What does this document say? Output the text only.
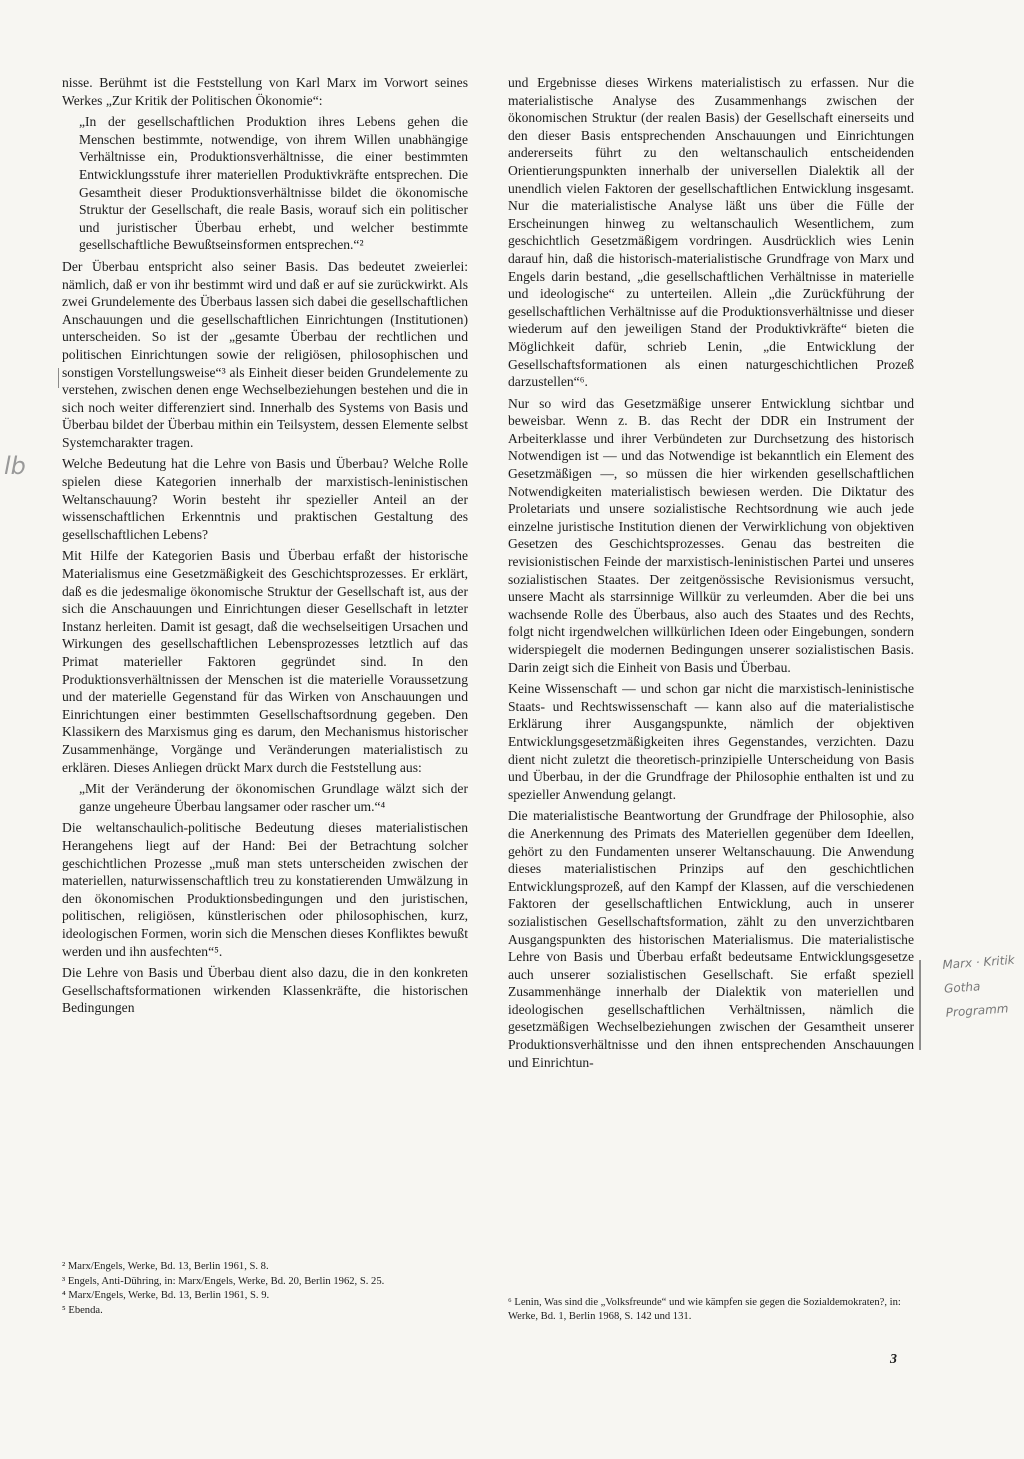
nisse. Berühmt ist die Feststellung von Karl Marx im Vorwort seines Werkes „Zur Kritik der Politischen Ökonomie“:

„In der gesellschaftlichen Produktion ihres Lebens gehen die Menschen bestimmte, notwendige, von ihrem Willen unabhängige Verhältnisse ein, Produktionsverhältnisse, die einer bestimmten Entwicklungsstufe ihrer materiellen Produktivkräfte entsprechen. Die Gesamtheit dieser Produktionsverhältnisse bildet die ökonomische Struktur der Gesellschaft, die reale Basis, worauf sich ein politischer und juristischer Überbau erhebt, und welcher bestimmte gesellschaftliche Bewußtseinsformen entsprechen.“²

Der Überbau entspricht also seiner Basis. Das bedeutet zweierlei: nämlich, daß er von ihr bestimmt wird und daß er auf sie zurückwirkt. Als zwei Grundelemente des Überbaus lassen sich dabei die gesellschaftlichen Anschauungen und die gesellschaftlichen Einrichtungen (Institutionen) unterscheiden. So ist der „gesamte Überbau der rechtlichen und politischen Einrichtungen sowie der religiösen, philosophischen und sonstigen Vorstellungsweise“³ als Einheit dieser beiden Grundelemente zu verstehen, zwischen denen enge Wechselbeziehungen bestehen und die in sich noch weiter differenziert sind. Innerhalb des Systems von Basis und Überbau bildet der Überbau mithin ein Teilsystem, dessen Elemente selbst Systemcharakter tragen.

Welche Bedeutung hat die Lehre von Basis und Überbau? Welche Rolle spielen diese Kategorien innerhalb der marxistisch-leninistischen Weltanschauung? Worin besteht ihr spezieller Anteil an der wissenschaftlichen Erkenntnis und praktischen Gestaltung des gesellschaftlichen Lebens?

Mit Hilfe der Kategorien Basis und Überbau erfaßt der historische Materialismus eine Gesetzmäßigkeit des Geschichtsprozesses. Er erklärt, daß es die jedesmalige ökonomische Struktur der Gesellschaft ist, aus der sich die Anschauungen und Einrichtungen dieser Gesellschaft in letzter Instanz herleiten. Damit ist gesagt, daß die wechselseitigen Ursachen und Wirkungen des gesellschaftlichen Lebensprozesses letztlich auf das Primat materieller Faktoren gegründet sind. In den Produktionsverhältnissen der Menschen ist die materielle Voraussetzung und der materielle Gegenstand für das Wirken von Anschauungen und Einrichtungen einer bestimmten Gesellschaftsordnung gegeben. Den Klassikern des Marxismus ging es darum, den Mechanismus historischer Zusammenhänge, Vorgänge und Veränderungen materialistisch zu erklären. Dieses Anliegen drückt Marx durch die Feststellung aus:

„Mit der Veränderung der ökonomischen Grundlage wälzt sich der ganze ungeheure Überbau langsamer oder rascher um.“⁴

Die weltanschaulich-politische Bedeutung dieses materialistischen Herangehens liegt auf der Hand: Bei der Betrachtung solcher geschichtlichen Prozesse „muß man stets unterscheiden zwischen der materiellen, naturwissenschaftlich treu zu konstatierenden Umwälzung in den ökonomischen Produktionsbedingungen und den juristischen, politischen, religiösen, künstlerischen oder philosophischen, kurz, ideologischen Formen, worin sich die Menschen dieses Konfliktes bewußt werden und ihn ausfechten“⁵.

Die Lehre von Basis und Überbau dient also dazu, die in den konkreten Gesellschaftsformationen wirkenden Klassenkräfte, die historischen Bedingungen

und Ergebnisse dieses Wirkens materialistisch zu erfassen. Nur die materialistische Analyse des Zusammenhangs zwischen der ökonomischen Struktur (der realen Basis) der Gesellschaft einerseits und den dieser Basis entsprechenden Anschauungen und Einrichtungen andererseits führt zu den weltanschaulich entscheidenden Orientierungspunkten innerhalb der universellen Dialektik all der unendlich vielen Faktoren der gesellschaftlichen Entwicklung insgesamt. Nur die materialistische Analyse läßt uns über die Fülle der Erscheinungen hinweg zu weltanschaulich Wesentlichem, zum geschichtlich Gesetzmäßigem vordringen. Ausdrücklich wies Lenin darauf hin, daß die historisch-materialistische Grundfrage von Marx und Engels darin bestand, „die gesellschaftlichen Verhältnisse in materielle und ideologische“ zu unterteilen. Allein „die Zurückführung der gesellschaftlichen Verhältnisse auf die Produktionsverhältnisse und dieser wiederum auf den jeweiligen Stand der Produktivkräfte“ bieten die Möglichkeit dafür, schrieb Lenin, „die Entwicklung der Gesellschaftsformationen als einen naturgeschichtlichen Prozeß darzustellen“⁶.

Nur so wird das Gesetzmäßige unserer Entwicklung sichtbar und beweisbar. Wenn z. B. das Recht der DDR ein Instrument der Arbeiterklasse und ihrer Verbündeten zur Durchsetzung des historisch Notwendigen ist — und das Notwendige ist bekanntlich ein Element des Gesetzmäßigen —, so müssen die hier wirkenden gesellschaftlichen Notwendigkeiten materialistisch bewiesen werden. Die Diktatur des Proletariats und unsere sozialistische Rechtsordnung wie auch jede einzelne juristische Institution dienen der Verwirklichung von objektiven Gesetzen des Geschichtsprozesses. Genau das bestreiten die revisionistischen Feinde der marxistisch-leninistischen Partei und unseres sozialistischen Staates. Der zeitgenössische Revisionismus versucht, unsere Macht als starrsinnige Willkür zu verleumden. Aber die bei uns wachsende Rolle des Überbaus, also auch des Staates und des Rechts, folgt nicht irgendwelchen willkürlichen Ideen oder Eingebungen, sondern widerspiegelt die modernen Bedingungen unserer sozialistischen Basis. Darin zeigt sich die Einheit von Basis und Überbau.

Keine Wissenschaft — und schon gar nicht die marxistisch-leninistische Staats- und Rechtswissenschaft — kann also auf die materialistische Erklärung ihrer Ausgangspunkte, nämlich der objektiven Entwicklungsgesetzmäßigkeiten ihres Gegenstandes, verzichten. Dazu dient nicht zuletzt die theoretisch-prinzipielle Unterscheidung von Basis und Überbau, in der die Grundfrage der Philosophie enthalten ist und zu spezieller Anwendung gelangt.

Die materialistische Beantwortung der Grundfrage der Philosophie, also die Anerkennung des Primats des Materiellen gegenüber dem Ideellen, gehört zu den Fundamenten unserer Weltanschauung. Die Anwendung dieses materialistischen Prinzips auf den geschichtlichen Entwicklungsprozeß, auf den Kampf der Klassen, auf die verschiedenen Faktoren der gesellschaftlichen Entwicklung, auch in unserer sozialistischen Gesellschaftsformation, zählt zu den unverzichtbaren Ausgangspunkten des historischen Materialismus. Die materialistische Lehre von Basis und Überbau erfaßt bedeutsame Entwicklungsgesetze auch unserer sozialistischen Gesellschaft. Sie erfaßt speziell Zusammenhänge innerhalb der Dialektik von materiellen und ideologischen gesellschaftlichen Verhältnissen, nämlich die gesetzmäßigen Wechselbeziehungen zwischen der Gesamtheit unserer Produktionsverhältnisse und den ihnen entsprechenden Anschauungen und Einrichtun-

² Marx/Engels, Werke, Bd. 13, Berlin 1961, S. 8.
³ Engels, Anti-Dühring, in: Marx/Engels, Werke, Bd. 20, Berlin 1962, S. 25.
⁴ Marx/Engels, Werke, Bd. 13, Berlin 1961, S. 9.
⁵ Ebenda.
⁶ Lenin, Was sind die „Volksfreunde“ und wie kämpfen sie gegen die Sozialdemokraten?, in: Werke, Bd. 1, Berlin 1968, S. 142 und 131.
3
lb
Marx · Kritik Gotha Programm
